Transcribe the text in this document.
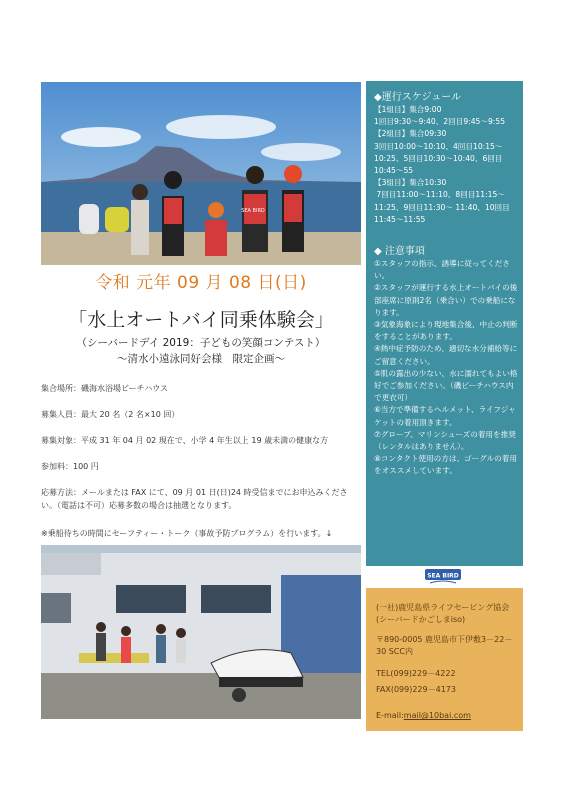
SEA BIRD
令和 元年 09 月 08 日(日)
「水上オートバイ同乗体験会」
（シーバードデイ 2019：子どもの笑顔コンテスト）
～清水小遠泳同好会様　限定企画～
集合場所：磯海水浴場ビーチハウス
募集人員：最大 20 名（2 名×10 回）
募集対象：平成 31 年 04 月 02 現在で、小学 4 年生以上 19 歳未満の健康な方
参加料：100 円
応募方法：メールまたは FAX にて、09 月 01 日(日)24 時受信までにお申込みください。（電話は不可）応募多数の場合は抽選となります。
※乗船待ちの時間にセーフティー・トーク（事故予防プログラム）を行います。↓
◆運行スケジュール
【1組目】集合9:00
1回目9:30～9:40、2回目9:45～9:55
【2組目】集合09:30
3回目10:00～10:10、4回目10:15～10:25、5回目10:30～10:40、6回目10:45～55
【3組目】集合10:30
7回目11:00～11:10、8回目11:15～11:25、9回目11:30～ 11:40、10回目11:45～11:55
◆ 注意事項
①スタッフの指示、誘導に従ってください。
②スタッフが運行する水上オートバイの後部座席に原則2名（乗合い）での乗船になります。
③気象海象により現地集合後、中止の判断をすることがあります。
④熱中症予防のため、適切な水分補給等にご留意ください。
⑤肌の露出の少ない、水に濡れてもよい格好でご参加ください。（磯ビーチハウス内で更衣可）
⑥当方で準備するヘルメット、ライフジャケットの着用頂きます。
⑦グローブ、マリンシューズの着用を推奨（レンタルはありません）。
⑧コンタクト使用の方は、ゴーグルの着用をオススメしています。
SEA BIRD
(一社)鹿児島県ライフセービング協会(シーバードかごしまiso)
〒890-0005 鹿児島市下伊敷3－22－30 SCC内
TEL(099)229－4222
FAX(099)229－4173
E-mail:mail@10bai.com
